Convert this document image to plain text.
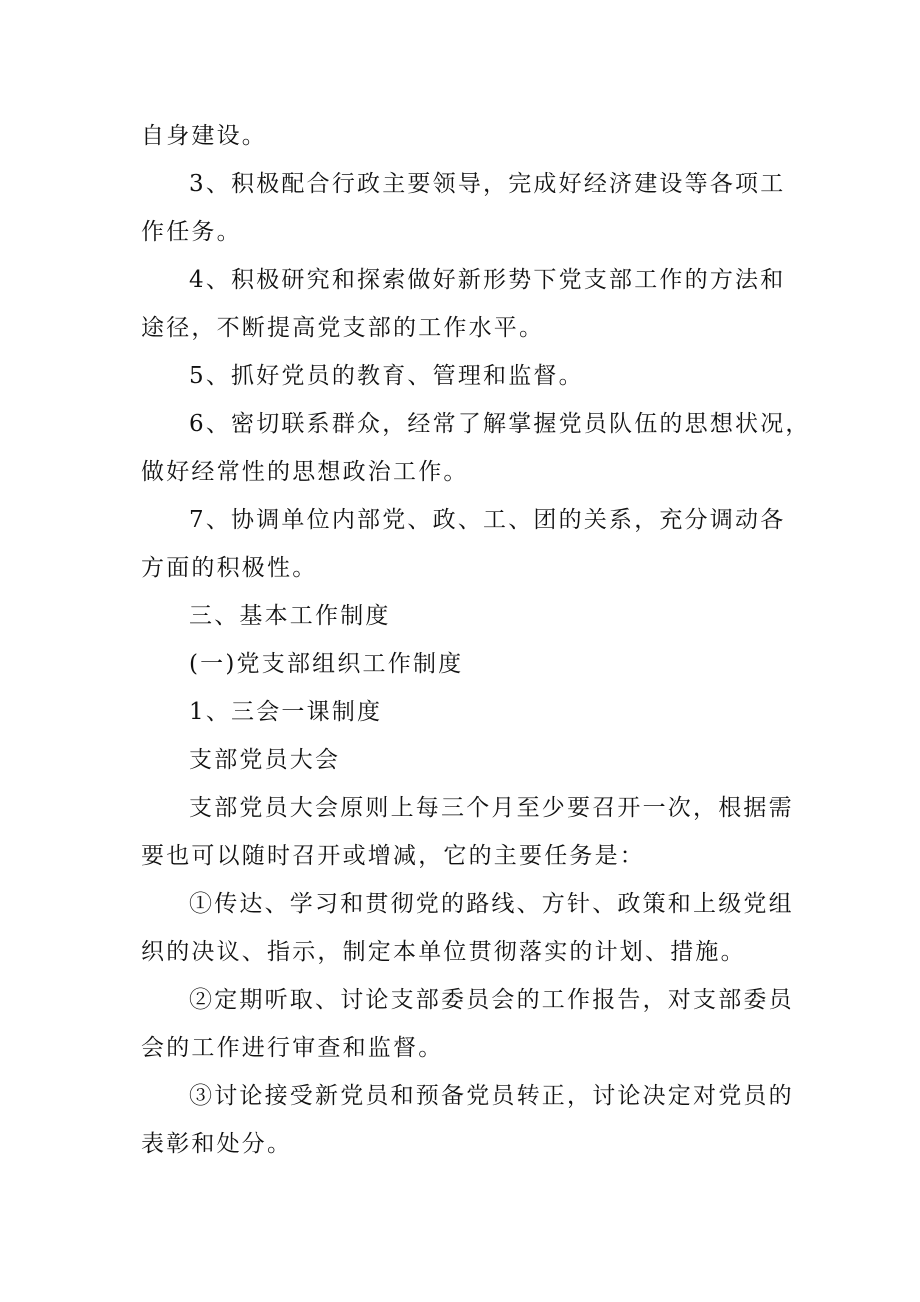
自身建设。
3、积极配合行政主要领导，完成好经济建设等各项工
作任务。
4、积极研究和探索做好新形势下党支部工作的方法和
途径，不断提高党支部的工作水平。
5、抓好党员的教育、管理和监督。
6、密切联系群众，经常了解掌握党员队伍的思想状况，
做好经常性的思想政治工作。
7、协调单位内部党、政、工、团的关系，充分调动各
方面的积极性。
三、基本工作制度
(一)党支部组织工作制度
1、三会一课制度
支部党员大会
支部党员大会原则上每三个月至少要召开一次，根据需
要也可以随时召开或增减，它的主要任务是：
①传达、学习和贯彻党的路线、方针、政策和上级党组
织的决议、指示，制定本单位贯彻落实的计划、措施。
②定期听取、讨论支部委员会的工作报告，对支部委员
会的工作进行审查和监督。
③讨论接受新党员和预备党员转正，讨论决定对党员的
表彰和处分。
